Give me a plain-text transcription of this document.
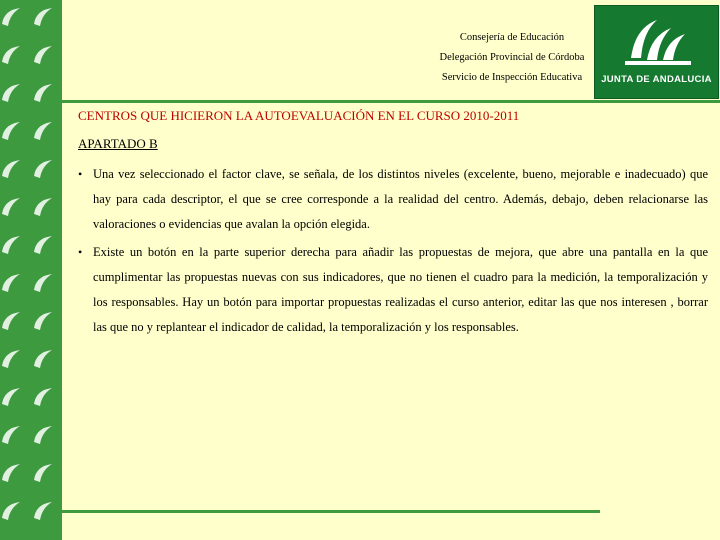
Consejería de Educación
Delegación Provincial de Córdoba
Servicio de Inspección Educativa	JUNTA DE ANDALUCIA
CENTROS QUE HICIERON LA AUTOEVALUACIÓN EN EL CURSO 2010-2011
APARTADO B
• Una vez seleccionado el factor clave, se señala, de los distintos niveles (excelente, bueno, mejorable e inadecuado) que hay para cada descriptor, el que se cree corresponde a la realidad del centro. Además, debajo, deben relacionarse las valoraciones o evidencias que avalan la opción elegida.
• Existe un botón en la parte superior derecha para añadir las propuestas de mejora, que abre una pantalla en la que cumplimentar las propuestas nuevas con sus indicadores, que no tienen el cuadro para la medición, la temporalización y los responsables. Hay un botón para importar propuestas realizadas el curso anterior, editar las que nos interesen , borrar las que no y replantear el indicador de calidad, la temporalización y los responsables.
